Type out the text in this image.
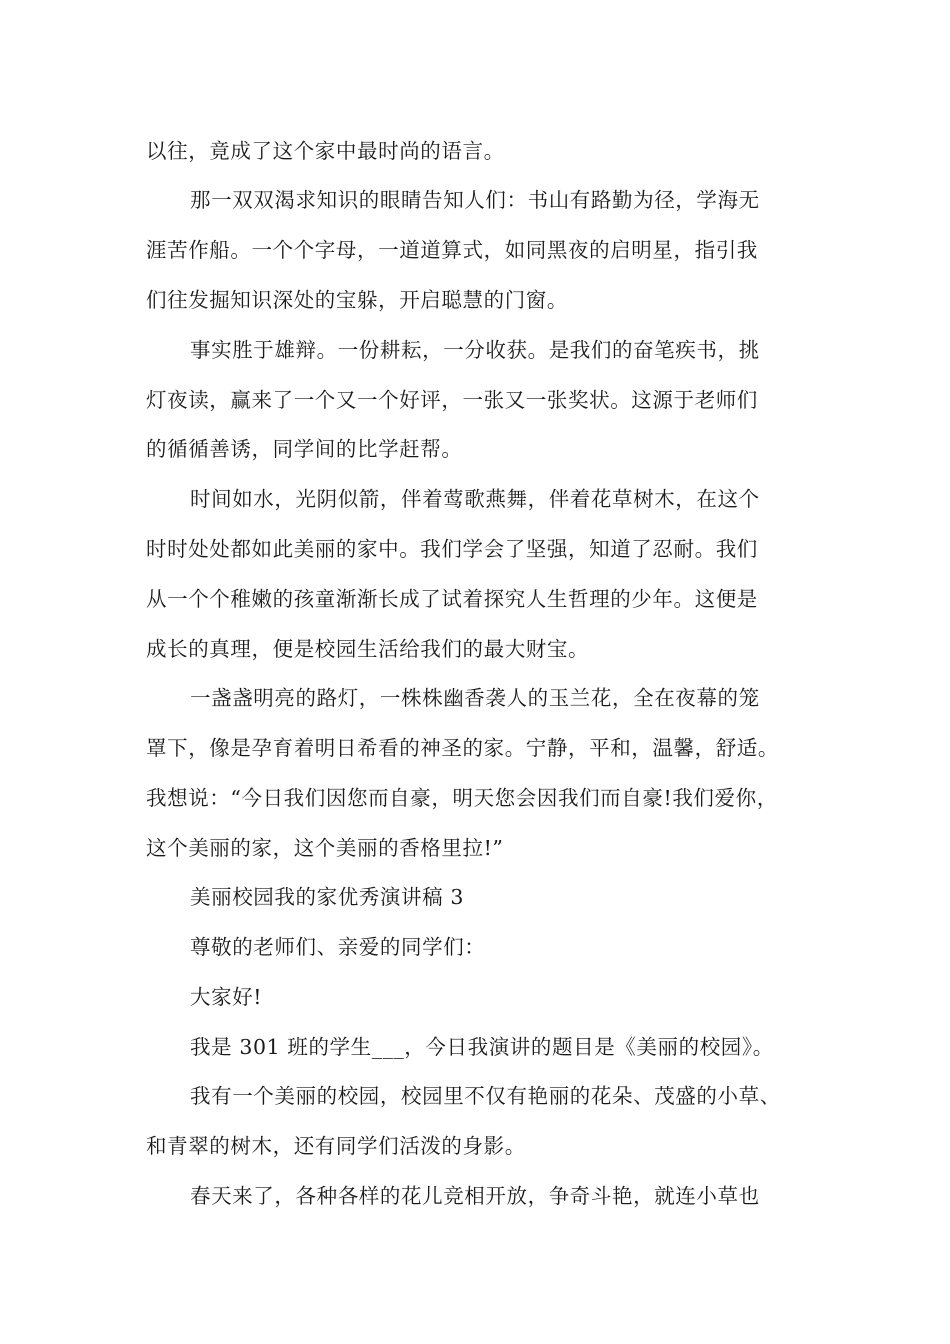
以往，竟成了这个家中最时尚的语言。

那一双双渴求知识的眼睛告知人们：书山有路勤为径，学海无

涯苦作船。一个个字母，一道道算式，如同黑夜的启明星，指引我

们往发掘知识深处的宝躲，开启聪慧的门窗。

事实胜于雄辩。一份耕耘，一分收获。是我们的奋笔疾书，挑

灯夜读，赢来了一个又一个好评，一张又一张奖状。这源于老师们

的循循善诱，同学间的比学赶帮。

时间如水，光阴似箭，伴着莺歌燕舞，伴着花草树木，在这个

时时处处都如此美丽的家中。我们学会了坚强，知道了忍耐。我们

从一个个稚嫩的孩童渐渐长成了试着探究人生哲理的少年。这便是

成长的真理，便是校园生活给我们的最大财宝。

一盏盏明亮的路灯，一株株幽香袭人的玉兰花，全在夜幕的笼

罩下，像是孕育着明日希看的神圣的家。宁静，平和，温馨，舒适。

我想说：“今日我们因您而自豪，明天您会因我们而自豪!我们爱你，

这个美丽的家，这个美丽的香格里拉!”

美丽校园我的家优秀演讲稿 3

尊敬的老师们、亲爱的同学们：

大家好!

我是 301 班的学生___，今日我演讲的题目是《美丽的校园》。

我有一个美丽的校园，校园里不仅有艳丽的花朵、茂盛的小草、

和青翠的树木，还有同学们活泼的身影。

春天来了，各种各样的花儿竞相开放，争奇斗艳，就连小草也
